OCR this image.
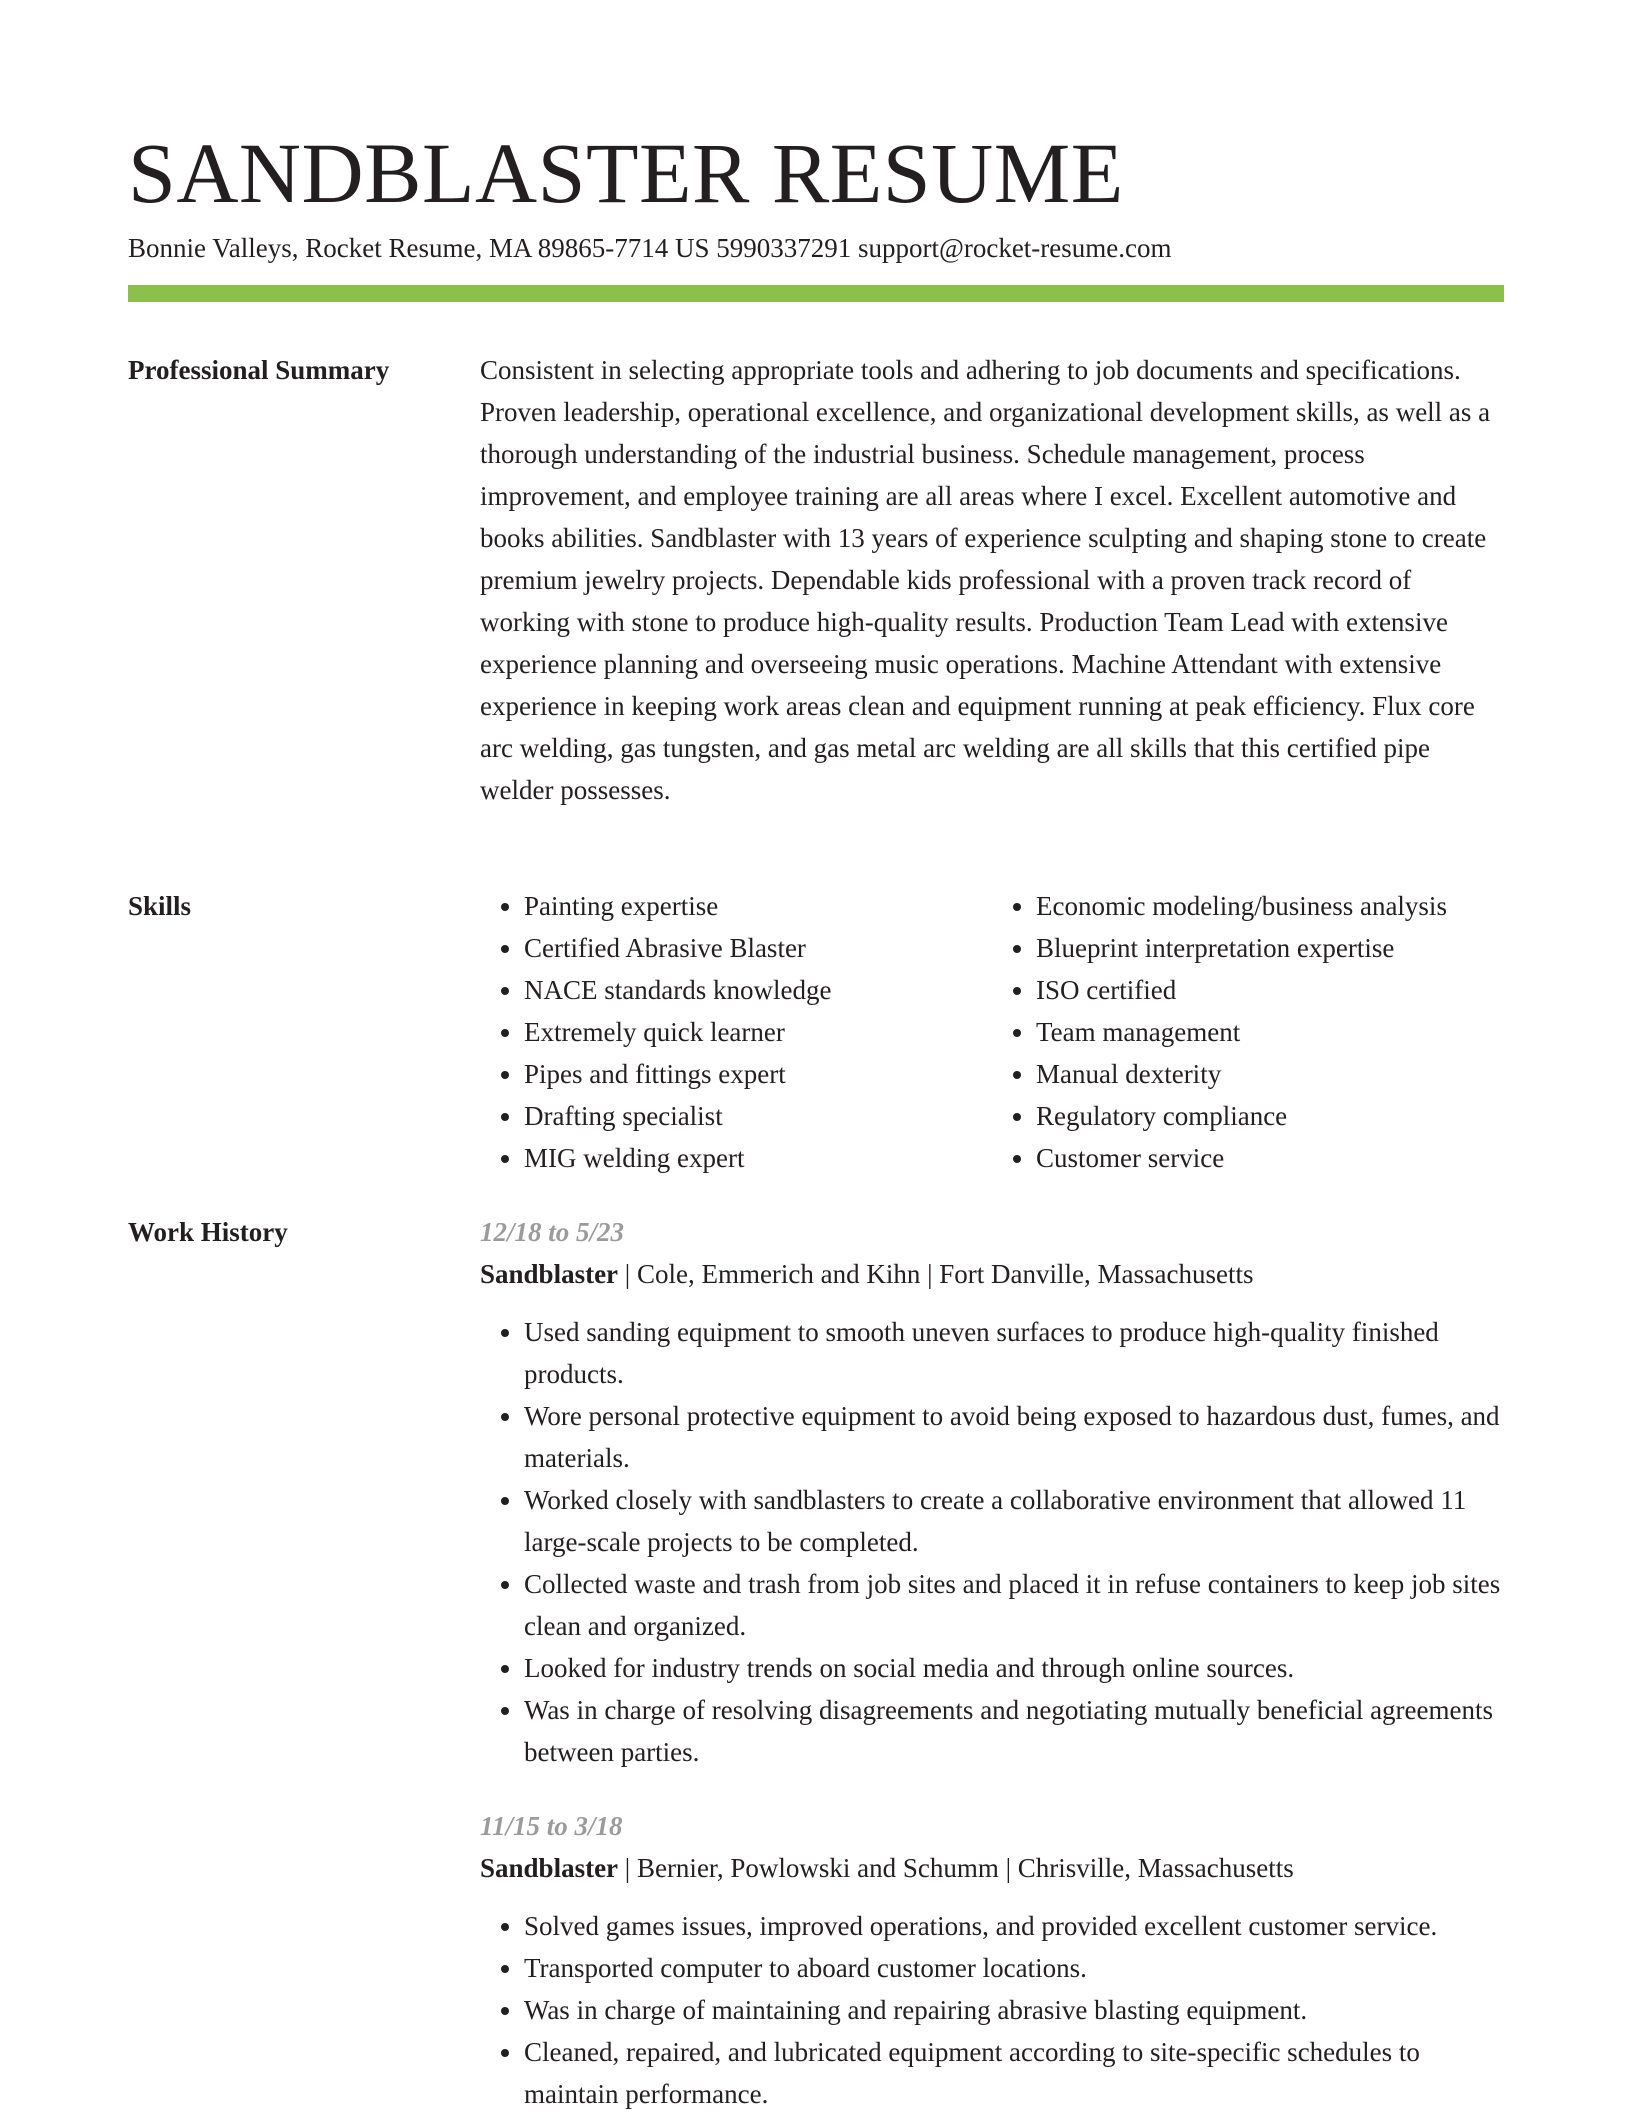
SANDBLASTER RESUME
Bonnie Valleys, Rocket Resume, MA 89865-7714 US 5990337291 support@rocket-resume.com
Professional Summary	Consistent in selecting appropriate tools and adhering to job documents and specifications. Proven leadership, operational excellence, and organizational development skills, as well as a thorough understanding of the industrial business. Schedule management, process improvement, and employee training are all areas where I excel. Excellent automotive and books abilities. Sandblaster with 13 years of experience sculpting and shaping stone to create premium jewelry projects. Dependable kids professional with a proven track record of working with stone to produce high-quality results. Production Team Lead with extensive experience planning and overseeing music operations. Machine Attendant with extensive experience in keeping work areas clean and equipment running at peak efficiency. Flux core arc welding, gas tungsten, and gas metal arc welding are all skills that this certified pipe welder possesses.

Skills
•	Painting expertise
• Certified Abrasive Blaster
• NACE standards knowledge
• Extremely quick learner
• Pipes and fittings expert
• Drafting specialist
• MIG welding expert
• Economic modeling/business analysis
• Blueprint interpretation expertise
• ISO certified
• Team management
• Manual dexterity
• Regulatory compliance
• Customer service
Work History	12/18 to 5/23
Sandblaster | Cole, Emmerich and Kihn | Fort Danville, Massachusetts
• Used sanding equipment to smooth uneven surfaces to produce high-quality finished products.
• Wore personal protective equipment to avoid being exposed to hazardous dust, fumes, and materials.
• Worked closely with sandblasters to create a collaborative environment that allowed 11 large-scale projects to be completed.
• Collected waste and trash from job sites and placed it in refuse containers to keep job sites clean and organized.
• Looked for industry trends on social media and through online sources.
• Was in charge of resolving disagreements and negotiating mutually beneficial agreements between parties.
11/15 to 3/18
Sandblaster | Bernier, Powlowski and Schumm | Chrisville, Massachusetts
• Solved games issues, improved operations, and provided excellent customer service.
• Transported computer to aboard customer locations.
• Was in charge of maintaining and repairing abrasive blasting equipment.
• Cleaned, repaired, and lubricated equipment according to site-specific schedules to maintain performance.
